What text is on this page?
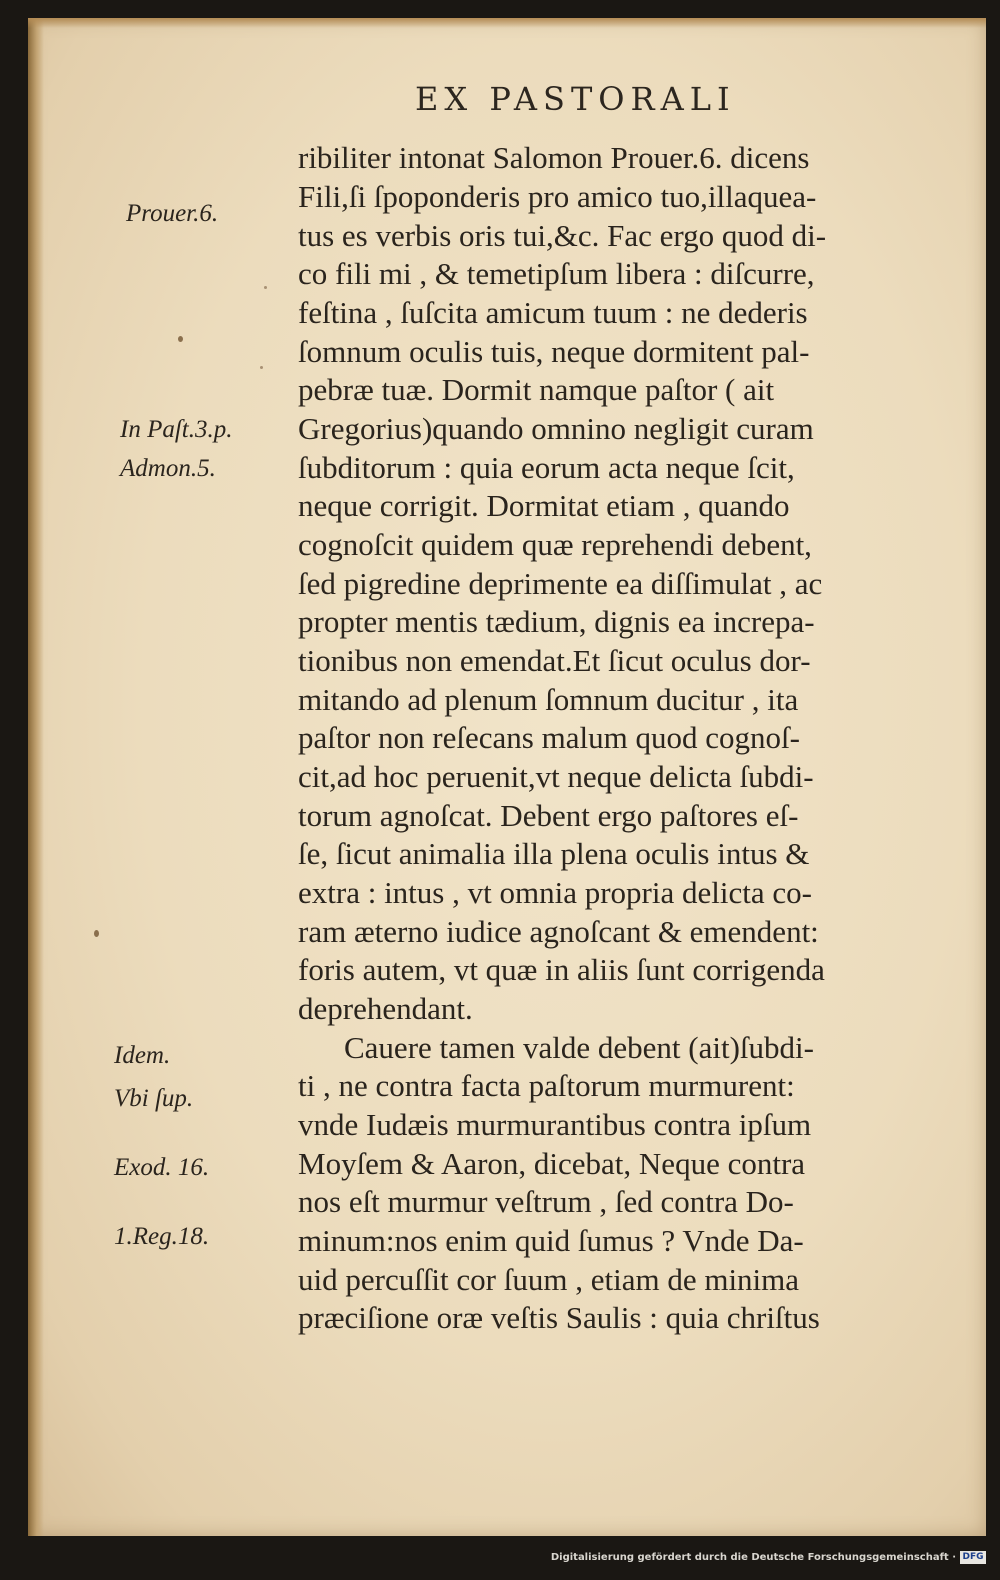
EX PASTORALI

ribiliter intonat Salomon Prouer.6. dicens

Fili,ſi ſpoponderis pro amico tuo,illaquea-

tus es verbis oris tui,&c. Fac ergo quod di-

co fili mi , & temetipſum libera : diſcurre,

feſtina , ſuſcita amicum tuum : ne dederis

ſomnum oculis tuis, neque dormitent pal-

pebræ tuæ. Dormit namque paſtor ( ait

Gregorius)quando omnino negligit curam

ſubditorum : quia eorum acta neque ſcit,

neque corrigit. Dormitat etiam , quando

cognoſcit quidem quæ reprehendi debent,

ſed pigredine deprimente ea diſſimulat , ac

propter mentis tædium, dignis ea increpa-

tionibus non emendat.Et ſicut oculus dor-

mitando ad plenum ſomnum ducitur , ita

paſtor non reſecans malum quod cognoſ-

cit,ad hoc peruenit,vt neque delicta ſubdi-

torum agnoſcat. Debent ergo paſtores eſ-

ſe, ſicut animalia illa plena oculis intus &

extra : intus , vt omnia propria delicta co-

ram æterno iudice agnoſcant & emendent:

foris autem, vt quæ in aliis ſunt corrigenda

deprehendant.

Cauere tamen valde debent (ait)ſubdi-

ti , ne contra facta paſtorum murmurent:

vnde Iudæis murmurantibus contra ipſum

Moyſem & Aaron, dicebat, Neque contra

nos eſt murmur veſtrum , ſed contra Do-

minum:nos enim quid ſumus ? Vnde Da-

uid percuſſit cor ſuum , etiam de minima

præciſione oræ veſtis Saulis : quia chriſtus

Prouer.6.

In Paſt.3.p.

Admon.5.

Idem.

Vbi ſup.

Exod. 16.

1.Reg.18.

Digitalisierung gefördert durch die Deutsche Forschungsgemeinschaft · DFG
